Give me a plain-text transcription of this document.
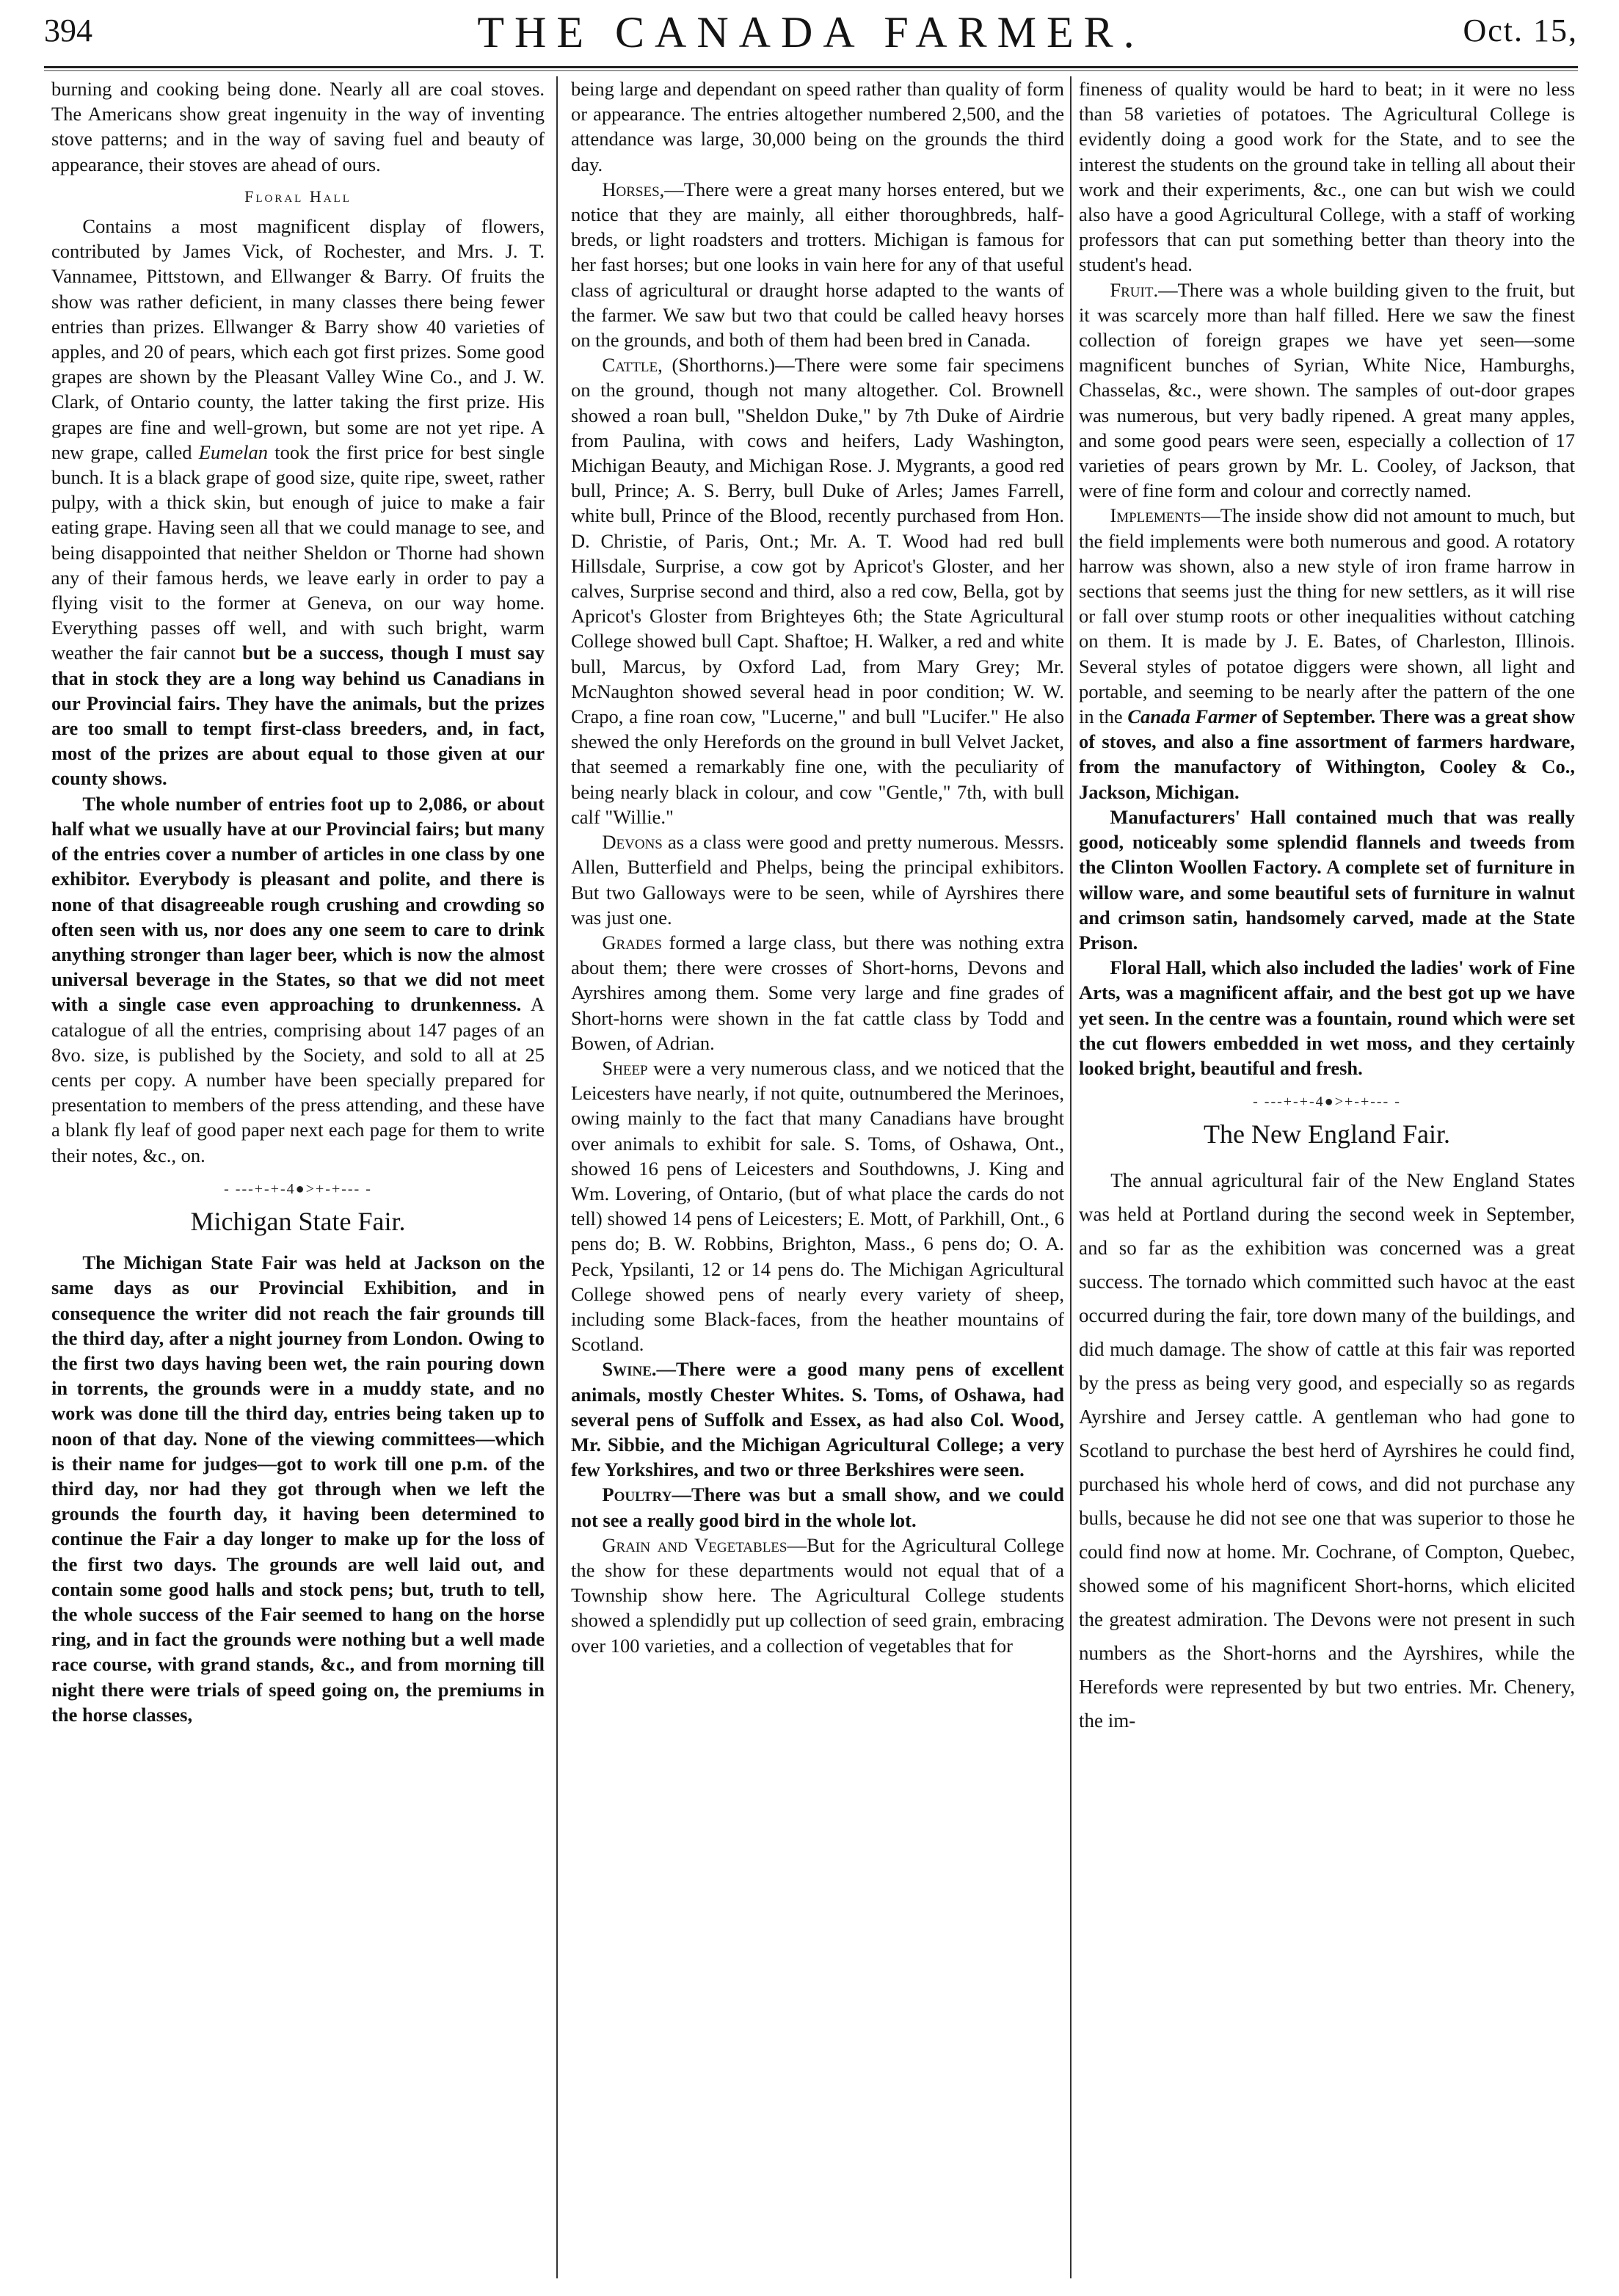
394	THE CANADA FARMER.	Oct. 15,

burning and cooking being done. Nearly all are coal stoves. The Americans show great ingenuity in the way of inventing stove patterns; and in the way of saving fuel and beauty of appearance, their stoves are ahead of ours.

Floral Hall

Contains a most magnificent display of flowers, contributed by James Vick, of Rochester, and Mrs. J. T. Vannamee, Pittstown, and Ellwanger & Barry. Of fruits the show was rather deficient, in many classes there being fewer entries than prizes. Ellwanger & Barry show 40 varieties of apples, and 20 of pears, which each got first prizes. Some good grapes are shown by the Pleasant Valley Wine Co., and J. W. Clark, of Ontario county, the latter taking the first prize. His grapes are fine and well-grown, but some are not yet ripe. A new grape, called Eumelan took the first price for best single bunch. It is a black grape of good size, quite ripe, sweet, rather pulpy, with a thick skin, but enough of juice to make a fair eating grape. Having seen all that we could manage to see, and being disappointed that neither Sheldon or Thorne had shown any of their famous herds, we leave early in order to pay a flying visit to the former at Geneva, on our way home. Everything passes off well, and with such bright, warm weather the fair cannot but be a success, though I must say that in stock they are a long way behind us Canadians in our Provincial fairs. They have the animals, but the prizes are too small to tempt first-class breeders, and, in fact, most of the prizes are about equal to those given at our county shows.

The whole number of entries foot up to 2,086, or about half what we usually have at our Provincial fairs; but many of the entries cover a number of articles in one class by one exhibitor. Everybody is pleasant and polite, and there is none of that disagreeable rough crushing and crowding so often seen with us, nor does any one seem to care to drink anything stronger than lager beer, which is now the almost universal beverage in the States, so that we did not meet with a single case even approaching to drunkenness. A catalogue of all the entries, comprising about 147 pages of an 8vo. size, is published by the Society, and sold to all at 25 cents per copy. A number have been specially prepared for presentation to members of the press attending, and these have a blank fly leaf of good paper next each page for them to write their notes, &c., on.

- ---+-+-4●>+-+--- -

Michigan State Fair.

The Michigan State Fair was held at Jackson on the same days as our Provincial Exhibition, and in consequence the writer did not reach the fair grounds till the third day, after a night journey from London. Owing to the first two days having been wet, the rain pouring down in torrents, the grounds were in a muddy state, and no work was done till the third day, entries being taken up to noon of that day. None of the viewing committees—which is their name for judges—got to work till one p.m. of the third day, nor had they got through when we left the grounds the fourth day, it having been determined to continue the Fair a day longer to make up for the loss of the first two days. The grounds are well laid out, and contain some good halls and stock pens; but, truth to tell, the whole success of the Fair seemed to hang on the horse ring, and in fact the grounds were nothing but a well made race course, with grand stands, &c., and from morning till night there were trials of speed going on, the premiums in the horse classes,

being large and dependant on speed rather than quality of form or appearance. The entries altogether numbered 2,500, and the attendance was large, 30,000 being on the grounds the third day.

Horses,—There were a great many horses entered, but we notice that they are mainly, all either thoroughbreds, half-breds, or light roadsters and trotters. Michigan is famous for her fast horses; but one looks in vain here for any of that useful class of agricultural or draught horse adapted to the wants of the farmer. We saw but two that could be called heavy horses on the grounds, and both of them had been bred in Canada.

Cattle, (Shorthorns.)—There were some fair specimens on the ground, though not many altogether. Col. Brownell showed a roan bull, "Sheldon Duke," by 7th Duke of Airdrie from Paulina, with cows and heifers, Lady Washington, Michigan Beauty, and Michigan Rose. J. Mygrants, a good red bull, Prince; A. S. Berry, bull Duke of Arles; James Farrell, white bull, Prince of the Blood, recently purchased from Hon. D. Christie, of Paris, Ont.; Mr. A. T. Wood had red bull Hillsdale, Surprise, a cow got by Apricot's Gloster, and her calves, Surprise second and third, also a red cow, Bella, got by Apricot's Gloster from Brighteyes 6th; the State Agricultural College showed bull Capt. Shaftoe; H. Walker, a red and white bull, Marcus, by Oxford Lad, from Mary Grey; Mr. McNaughton showed several head in poor condition; W. W. Crapo, a fine roan cow, "Lucerne," and bull "Lucifer." He also shewed the only Herefords on the ground in bull Velvet Jacket, that seemed a remarkably fine one, with the peculiarity of being nearly black in colour, and cow "Gentle," 7th, with bull calf "Willie."

Devons as a class were good and pretty numerous. Messrs. Allen, Butterfield and Phelps, being the principal exhibitors. But two Galloways were to be seen, while of Ayrshires there was just one.

Grades formed a large class, but there was nothing extra about them; there were crosses of Short-horns, Devons and Ayrshires among them. Some very large and fine grades of Short-horns were shown in the fat cattle class by Todd and Bowen, of Adrian.

Sheep were a very numerous class, and we noticed that the Leicesters have nearly, if not quite, outnumbered the Merinoes, owing mainly to the fact that many Canadians have brought over animals to exhibit for sale. S. Toms, of Oshawa, Ont., showed 16 pens of Leicesters and Southdowns, J. King and Wm. Lovering, of Ontario, (but of what place the cards do not tell) showed 14 pens of Leicesters; E. Mott, of Parkhill, Ont., 6 pens do; B. W. Robbins, Brighton, Mass., 6 pens do; O. A. Peck, Ypsilanti, 12 or 14 pens do. The Michigan Agricultural College showed pens of nearly every variety of sheep, including some Black-faces, from the heather mountains of Scotland.

Swine.—There were a good many pens of excellent animals, mostly Chester Whites. S. Toms, of Oshawa, had several pens of Suffolk and Essex, as had also Col. Wood, Mr. Sibbie, and the Michigan Agricultural College; a very few Yorkshires, and two or three Berkshires were seen.

Poultry—There was but a small show, and we could not see a really good bird in the whole lot.

Grain and Vegetables—But for the Agricultural College the show for these departments would not equal that of a Township show here. The Agricultural College students showed a splendidly put up collection of seed grain, embracing over 100 varieties, and a collection of vegetables that for

fineness of quality would be hard to beat; in it were no less than 58 varieties of potatoes. The Agricultural College is evidently doing a good work for the State, and to see the interest the students on the ground take in telling all about their work and their experiments, &c., one can but wish we could also have a good Agricultural College, with a staff of working professors that can put something better than theory into the student's head.

Fruit.—There was a whole building given to the fruit, but it was scarcely more than half filled. Here we saw the finest collection of foreign grapes we have yet seen—some magnificent bunches of Syrian, White Nice, Hamburghs, Chasselas, &c., were shown. The samples of out-door grapes was numerous, but very badly ripened. A great many apples, and some good pears were seen, especially a collection of 17 varieties of pears grown by Mr. L. Cooley, of Jackson, that were of fine form and colour and correctly named.

Implements—The inside show did not amount to much, but the field implements were both numerous and good. A rotatory harrow was shown, also a new style of iron frame harrow in sections that seems just the thing for new settlers, as it will rise or fall over stump roots or other inequalities without catching on them. It is made by J. E. Bates, of Charleston, Illinois. Several styles of potatoe diggers were shown, all light and portable, and seeming to be nearly after the pattern of the one in the Canada Farmer of September. There was a great show of stoves, and also a fine assortment of farmers hardware, from the manufactory of Withington, Cooley & Co., Jackson, Michigan.

Manufacturers' Hall contained much that was really good, noticeably some splendid flannels and tweeds from the Clinton Woollen Factory. A complete set of furniture in willow ware, and some beautiful sets of furniture in walnut and crimson satin, handsomely carved, made at the State Prison.

Floral Hall, which also included the ladies' work of Fine Arts, was a magnificent affair, and the best got up we have yet seen. In the centre was a fountain, round which were set the cut flowers embedded in wet moss, and they certainly looked bright, beautiful and fresh.

- ---+-+-4●>+-+--- -

The New England Fair.

The annual agricultural fair of the New England States was held at Portland during the second week in September, and so far as the exhibition was concerned was a great success. The tornado which committed such havoc at the east occurred during the fair, tore down many of the buildings, and did much damage. The show of cattle at this fair was reported by the press as being very good, and especially so as regards Ayrshire and Jersey cattle. A gentleman who had gone to Scotland to purchase the best herd of Ayrshires he could find, purchased his whole herd of cows, and did not purchase any bulls, because he did not see one that was superior to those he could find now at home. Mr. Cochrane, of Compton, Quebec, showed some of his magnificent Short-horns, which elicited the greatest admiration. The Devons were not present in such numbers as the Short-horns and the Ayrshires, while the Herefords were represented by but two entries. Mr. Chenery, the im-
